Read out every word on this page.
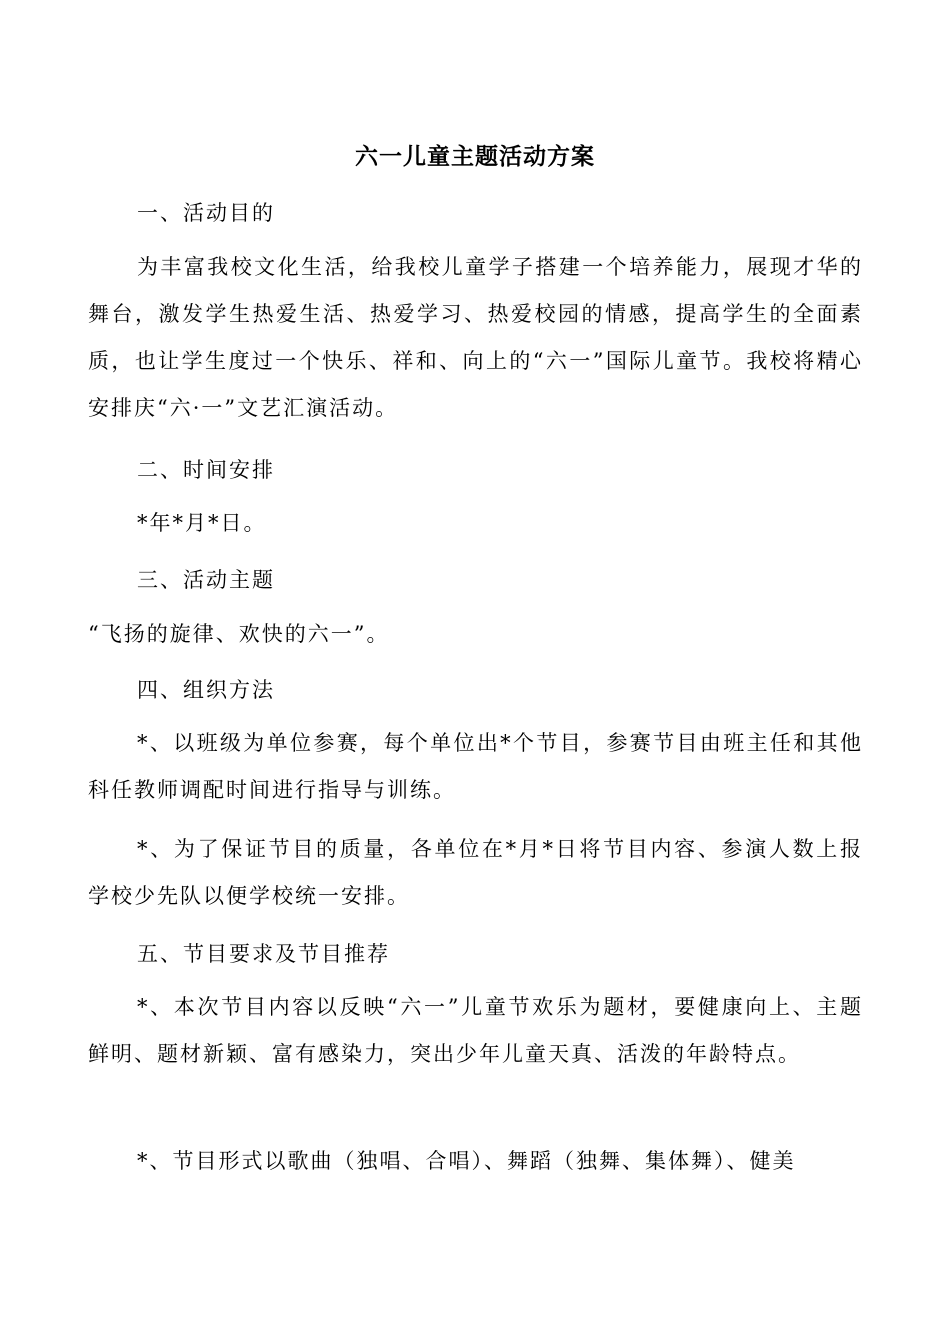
六一儿童主题活动方案
一、活动目的
为丰富我校文化生活，给我校儿童学子搭建一个培养能力，展现才华的舞台，激发学生热爱生活、热爱学习、热爱校园的情感，提高学生的全面素质，也让学生度过一个快乐、祥和、向上的“六一”国际儿童节。我校将精心安排庆“六·一”文艺汇演活动。
二、时间安排
*年*月*日。
三、活动主题
“飞扬的旋律、欢快的六一”。
四、组织方法
*、以班级为单位参赛，每个单位出*个节目，参赛节目由班主任和其他科任教师调配时间进行指导与训练。
*、为了保证节目的质量，各单位在*月*日将节目内容、参演人数上报学校少先队以便学校统一安排。
五、节目要求及节目推荐
*、本次节目内容以反映“六一”儿童节欢乐为题材，要健康向上、主题鲜明、题材新颖、富有感染力，突出少年儿童天真、活泼的年龄特点。
*、节目形式以歌曲（独唱、合唱）、舞蹈（独舞、集体舞）、健美
